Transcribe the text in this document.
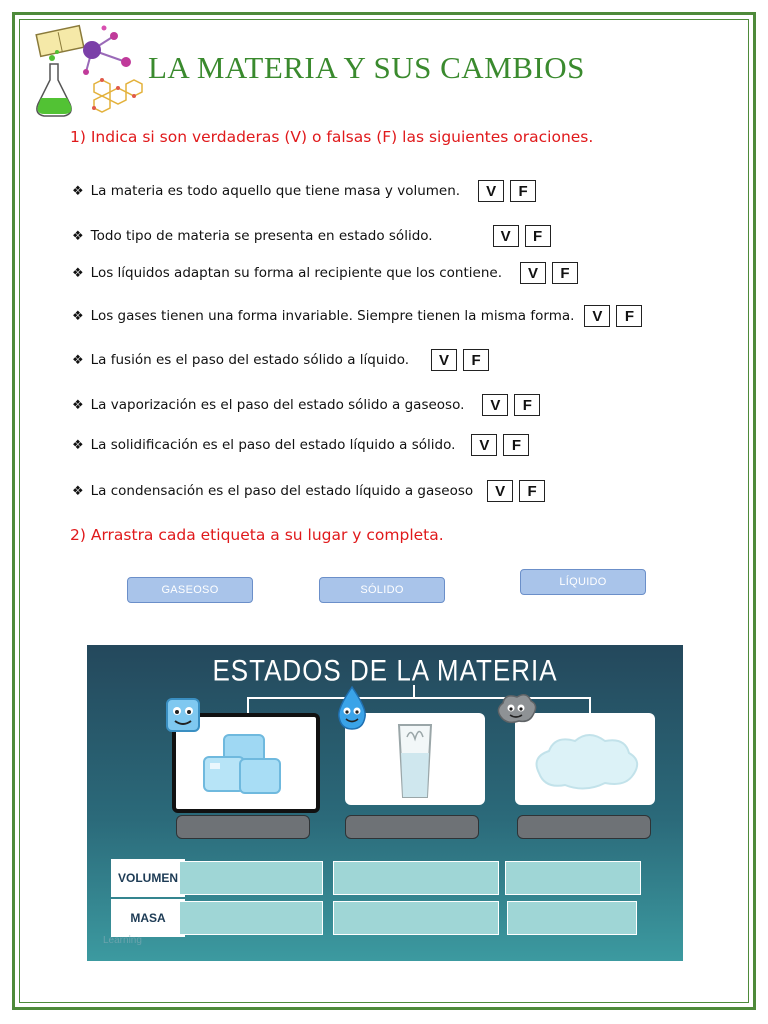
LA MATERIA Y SUS CAMBIOS
1) Indica si son verdaderas (V) o falsas (F) las siguientes oraciones.
❖ La materia es todo aquello que tiene masa y volumen.	V	F
❖ Todo tipo de materia se presenta en estado sólido.	V	F
❖ Los líquidos adaptan su forma al recipiente que los contiene.	V	F
❖ Los gases tienen una forma invariable. Siempre tienen la misma forma.	V	F
❖ La fusión es el paso del estado sólido a líquido.	V	F
❖ La vaporización es el paso del estado sólido a gaseoso.	V	F
❖ La solidificación es el paso del estado líquido a sólido.	V	F
❖ La condensación es el paso del estado líquido a gaseoso	V	F
2) Arrastra cada etiqueta a su lugar y completa.
GASEOSO	SÓLIDO
LÍQUIDO
ESTADOS DE LA MATERIA
VOLUMEN
MASA
Learning
